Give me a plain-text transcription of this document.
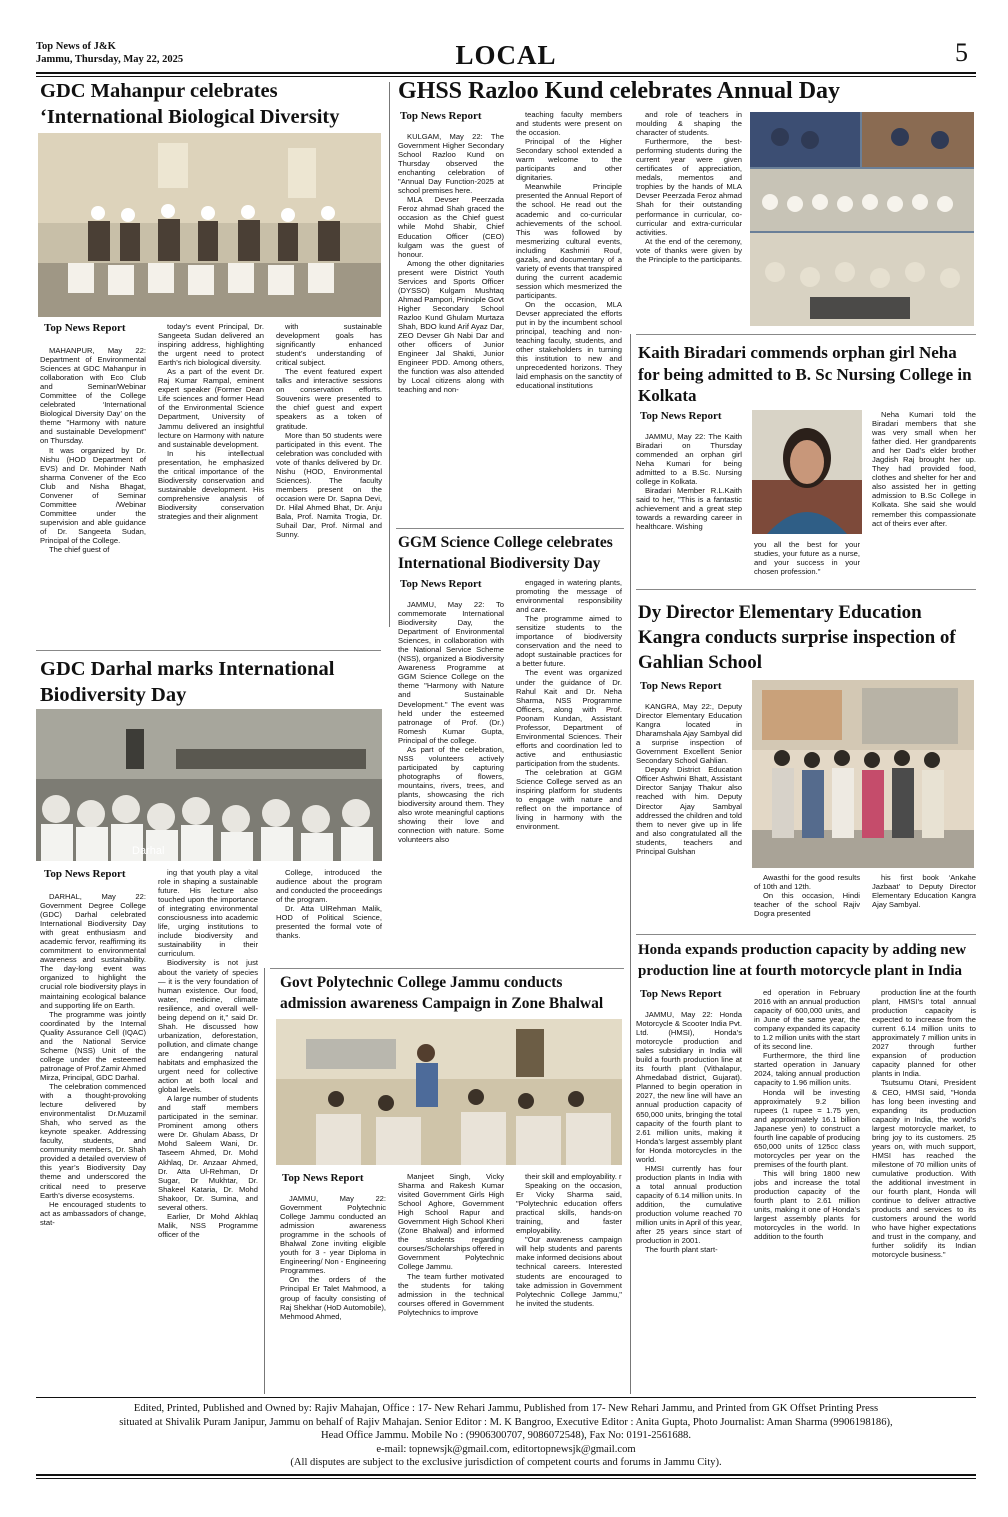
Top News of J&K
Jammu, Thursday, May 22, 2025	LOCAL	5
GDC Mahanpur celebrates ‘International Biological Diversity
Top News Report

MAHANPUR, May 22: Department of Environmental Sciences at GDC Mahanpur in collaboration with Eco Club and Seminar/Webinar Committee of the College celebrated ‘International Biological Diversity Day’ on the theme "Harmony with nature and sustainable Development" on Thursday.

It was organized by Dr. Nishu (HOD Department of EVS) and Dr. Mohinder Nath sharma Convener of the Eco Club and Nisha Bhagat, Convener of Seminar Committee /Webinar Committee under the supervision and able guidance of Dr. Sangeeta Sudan, Principal of the College.

The chief guest of

today’s event Principal, Dr. Sangeeta Sudan delivered an inspiring address, highlighting the urgent need to protect Earth’s rich biological diversity.

As a part of the event Dr. Raj Kumar Rampal, eminent expert speaker (Former Dean Life sciences and former Head of the Environmental Science Department, University of Jammu delivered an insightful lecture on Harmony with nature and sustainable development.

In his intellectual presentation, he emphasized the critical importance of the Biodiversity conservation and sustainable development. His comprehensive analysis of Biodiversity conservation strategies and their alignment

with sustainable development goals has significantly enhanced student’s understanding of critical subject.

The event featured expert talks and interactive sessions on conservation efforts. Souvenirs were presented to the chief guest and expert speakers as a token of gratitude.

More than 50 students were participated in this event. The celebration was concluded with vote of thanks delivered by Dr. Nishu (HOD, Environmental Sciences). The faculty members present on the occasion were Dr. Sapna Devi, Dr. Hilal Ahmed Bhat, Dr. Anju Bala, Prof. Namita Trogia, Dr. Suhail Dar, Prof. Nirmal and Sunny.

GDC Darhal marks International Biodiversity Day
Darhal
Top News Report

DARHAL, May 22: Government Degree College (GDC) Darhal celebrated International Biodiversity Day with great enthusiasm and academic fervor, reaffirming its commitment to environmental awareness and sustainability. The day-long event was organized to highlight the crucial role biodiversity plays in maintaining ecological balance and supporting life on Earth.

The programme was jointly coordinated by the Internal Quality Assurance Cell (IQAC) and the National Service Scheme (NSS) Unit of the college under the esteemed patronage of Prof.Zamir Ahmed Mirza, Principal, GDC Darhal.

The celebration commenced with a thought-provoking lecture delivered by environmentalist Dr.Muzamil Shah, who served as the keynote speaker. Addressing faculty, students, and community members, Dr. Shah provided a detailed overview of this year’s Biodiversity Day theme and underscored the critical need to preserve Earth’s diverse ecosystems.

He encouraged students to act as ambassadors of change, stat-

ing that youth play a vital role in shaping a sustainable future. His lecture also touched upon the importance of integrating environmental consciousness into academic life, urging institutions to include biodiversity and sustainability in their curriculum.

Biodiversity is not just about the variety of species — it is the very foundation of human existence. Our food, water, medicine, climate resilience, and overall well-being depend on it," said Dr. Shah. He discussed how urbanization, deforestation, pollution, and climate change are endangering natural habitats and emphasized the urgent need for collective action at both local and global levels.

A large number of students and staff members participated in the seminar. Prominent among others were Dr. Ghulam Abass, Dr Mohd Saleem Wani, Dr. Taseem Ahmed, Dr. Mohd Akhlaq, Dr. Anzaar Ahmed, Dr. Atta Ul-Rehman, Dr Sugar, Dr Mukhtar, Dr. Shakeel Kataria, Dr. Mohd Shakoor, Dr. Sumina, and several others.

Earlier, Dr Mohd Akhlaq Malik, NSS Programme officer of the

College, introduced the audience about the program and conducted the proceedings of the program.

Dr. Atta UlRehman Malik, HOD of Political Science, presented the formal vote of thanks.

GHSS Razloo Kund celebrates Annual Day
Top News Report

KULGAM, May 22: The Government Higher Secondary School Razloo Kund on Thursday observed the enchanting celebration of "Annual Day Function-2025 at school premises here.

MLA Devser Peerzada Feroz ahmad Shah graced the occasion as the Chief guest while Mohd Shabir, Chief Education Officer (CEO) kulgam was the guest of honour.

Among the other dignitaries present were District Youth Services and Sports Officer (DYSSO) Kulgam Mushtaq Ahmad Pampori, Principle Govt Higher Secondary School Razloo Kund Ghulam Murtaza Shah, BDO kund Arif Ayaz Dar, ZEO Devser Gh Nabi Dar and other officers of Junior Engineer Jal Shakti, Junior Engineer PDD. Among others, the function was also attended by Local citizens along with teaching and non-

teaching faculty members and students were present on the occasion.

Principal of the Higher Secondary school extended a warm welcome to the participants and other dignitaries.

Meanwhile Principle presented the Annual Report of the school. He read out the academic and co-curricular achievements of the school. This was followed by mesmerizing cultural events, including Kashmiri Rouf, gazals, and documentary of a variety of events that transpired during the current academic session which mesmerized the participants.

On the occasion, MLA Devser appreciated the efforts put in by the incumbent school principal, teaching and non-teaching faculty, students, and other stakeholders in turning this institution to new and unprecedented horizons. They laid emphasis on the sanctity of educational institutions

and role of teachers in moulding & shaping the character of students.

Furthermore, the best-performing students during the current year were given certificates of appreciation, medals, mementos and trophies by the hands of MLA Devser Peerzada Feroz ahmad Shah for their outstanding performance in curricular, co-curricular and extra-curricular activities.

At the end of the ceremony, vote of thanks were given by the Principle to the participants.

GGM Science College celebrates International Biodiversity Day
Top News Report

JAMMU, May 22: To commemorate International Biodiversity Day, the Department of Environmental Sciences, in collaboration with the National Service Scheme (NSS), organized a Biodiversity Awareness Programme at GGM Science College on the theme "Harmony with Nature and Sustainable Development." The event was held under the esteemed patronage of Prof. (Dr.) Romesh Kumar Gupta, Principal of the college.

As part of the celebration, NSS volunteers actively participated by capturing photographs of flowers, mountains, rivers, trees, and plants, showcasing the rich biodiversity around them. They also wrote meaningful captions showing their love and connection with nature. Some volunteers also

engaged in watering plants, promoting the message of environmental responsibility and care.

The programme aimed to sensitize students to the importance of biodiversity conservation and the need to adopt sustainable practices for a better future.

The event was organized under the guidance of Dr. Rahul Kait and Dr. Neha Sharma, NSS Programme Officers, along with Prof. Poonam Kundan, Assistant Professor, Department of Environmental Sciences. Their efforts and coordination led to active and enthusiastic participation from the students.

The celebration at GGM Science College served as an inspiring platform for students to engage with nature and reflect on the importance of living in harmony with the environment.

Govt Polytechnic College Jammu conducts admission awareness Campaign in Zone Bhalwal
Top News Report

JAMMU, May 22: Government Polytechnic College Jammu conducted an admission awareness programme in the schools of Bhalwal Zone inviting eligible youth for 3 - year Diploma in Engineering/ Non - Engineering Programmes.

On the orders of the Principal Er Talet Mahmood, a group of faculty consisting of Raj Shekhar (HoD Automobile), Mehmood Ahmed,

Manjeet Singh, Vicky Sharma and Rakesh Kumar visited Government Girls High School Aghore, Government High School Rapur and Government High School Kheri (Zone Bhalwal) and informed the students regarding courses/Scholarships offered in Government Polytechnic College Jammu.

The team further motivated the students for taking admission in the technical courses offered in Government Polytechnics to improve

their skill and employability. r

Speaking on the occasion, Er Vicky Sharma said, "Polytechnic education offers practical skills, hands-on training, and faster employability.

"Our awareness campaign will help students and parents make informed decisions about technical careers. Interested students are encouraged to take admission in Government Polytechnic College Jammu," he invited the students.

Kaith Biradari commends orphan girl Neha for being admitted to B. Sc Nursing College in Kolkata
Top News Report

JAMMU, May 22: The Kaith Biradari on Thursday commended an orphan girl Neha Kumari for being admitted to a B.Sc. Nursing college in Kolkata.

Biradari Member R.L.Kaith said to her, "This is a fantastic achievement and a great step towards a rewarding career in healthcare. Wishing

you all the best for your studies, your future as a nurse, and your success in your chosen profession."

Neha Kumari told the Biradari members that she was very small when her father died. Her grandparents and her Dad’s elder brother Jagdish Raj brought her up. They had provided food, clothes and shelter for her and also assisted her in getting admission to B.Sc College in Kolkata. She said she would remember this compassionate act of theirs ever after.

Dy Director Elementary Education Kangra conducts surprise inspection of Gahlian School
Top News Report

KANGRA, May 22:, Deputy Director Elementary Education Kangra located in Dharamshala Ajay Sambyal did a surprise inspection of Government Excellent Senior Secondary School Gahlian.

Deputy District Education Officer Ashwini Bhatt, Assistant Director Sanjay Thakur also reached with him. Deputy Director Ajay Sambyal addressed the children and told them to never give up in life and also congratulated all the students, teachers and Principal Gulshan

Awasthi for the good results of 10th and 12th.

On this occasion, Hindi teacher of the school Rajiv Dogra presented

his first book ‘Ankahe Jazbaat’ to Deputy Director Elementary Education Kangra Ajay Sambyal.

Honda expands production capacity by adding new production line at fourth motorcycle plant in India
Top News Report

JAMMU, May 22: Honda Motorcycle & Scooter India Pvt. Ltd. (HMSI), Honda’s motorcycle production and sales subsidiary in India will build a fourth production line at its fourth plant (Vithalapur, Ahmedabad district, Gujarat). Planned to begin operation in 2027, the new line will have an annual production capacity of 650,000 units, bringing the total capacity of the fourth plant to 2.61 million units, making it Honda’s largest assembly plant for Honda motorcycles in the world.

HMSI currently has four production plants in India with a total annual production capacity of 6.14 million units. In addition, the cumulative production volume reached 70 million units in April of this year, after 25 years since start of production in 2001.

The fourth plant start-

ed operation in February 2016 with an annual production capacity of 600,000 units, and in June of the same year, the company expanded its capacity to 1.2 million units with the start of its second line.

Furthermore, the third line started operation in January 2024, taking annual production capacity to 1.96 million units.

Honda will be investing approximately 9.2 billion rupees (1 rupee = 1.75 yen, and approximately 16.1 billion Japanese yen) to construct a fourth line capable of producing 650,000 units of 125cc class motorcycles per year on the premises of the fourth plant.

This will bring 1800 new jobs and increase the total production capacity of the fourth plant to 2.61 million units, making it one of Honda’s largest assembly plants for motorcycles in the world. In addition to the fourth

production line at the fourth plant, HMSI’s total annual production capacity is expected to increase from the current 6.14 million units to approximately 7 million units in 2027 through further expansion of production capacity planned for other plants in India.

Tsutsumu Otani, President & CEO, HMSI said, "Honda has long been investing and expanding its production capacity in India, the world’s largest motorcycle market, to bring joy to its customers. 25 years on, with much support, HMSI has reached the milestone of 70 million units of cumulative production. With the additional investment in our fourth plant, Honda will continue to deliver attractive products and services to its customers around the world who have higher expectations and trust in the company, and further solidify its Indian motorcycle business."

Edited, Printed, Published and Owned by: Rajiv Mahajan, Office : 17- New Rehari Jammu, Published from 17- New Rehari Jammu, and Printed from GK Offset Printing Press
situated at Shivalik Puram Janipur, Jammu on behalf of Rajiv Mahajan. Senior Editor : M. K Bangroo, Executive Editor : Anita Gupta, Photo Journalist: Aman Sharma (9906198186),
Head Office Jammu. Mobile No : (9906300707, 9086072548), Fax No: 0191-2561688.
e-mail: topnewsjk@gmail.com, editortopnewsjk@gmail.com
(All disputes are subject to the exclusive jurisdiction of competent courts and forums in Jammu City).
